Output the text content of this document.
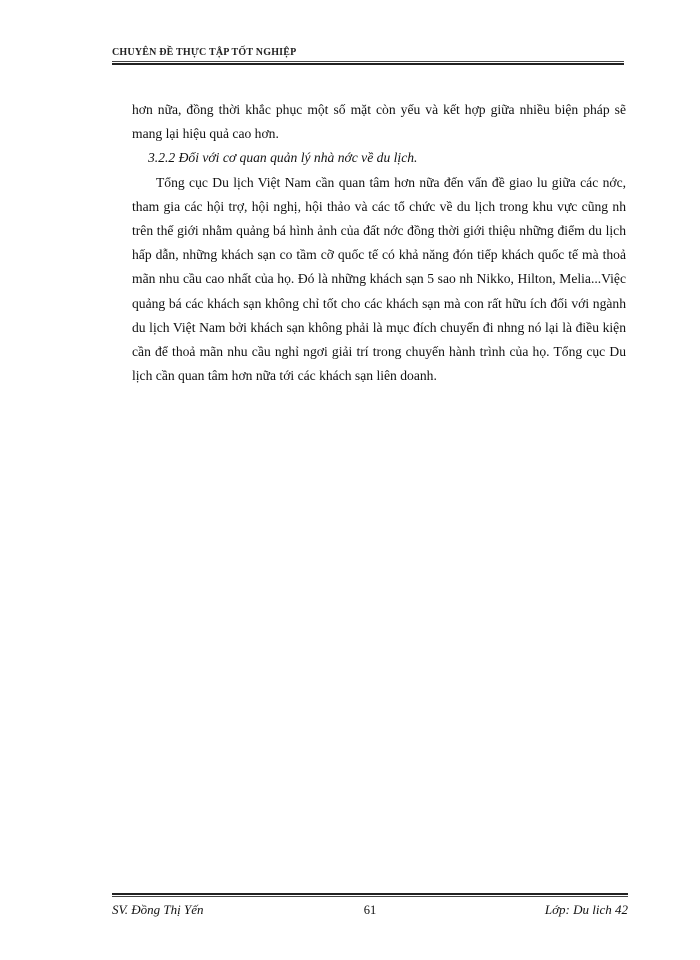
CHUYÊN ĐỀ THỰC TẬP TỐT NGHIỆP

hơn nữa, đồng thời khắc phục một số mặt còn yếu và kết hợp giữa nhiều biện pháp sẽ mang lại hiệu quả cao hơn.

3.2.2 Đối với cơ quan quản lý nhà nớc về du lịch.

Tổng cục Du lịch Việt Nam cần quan tâm hơn nữa đến vấn đề giao lu giữa các nớc, tham gia các hội trợ, hội nghị, hội thảo và các tổ chức về du lịch trong khu vực cũng nh trên thế giới nhằm quảng bá hình ảnh của đất nớc đồng thời giới thiệu những điểm du lịch hấp dẫn, những khách sạn co tầm cỡ quốc tế có khả năng đón tiếp khách quốc tế mà thoả mãn nhu cầu cao nhất của họ. Đó là những khách sạn 5 sao nh Nikko, Hilton, Melia...Việc quảng bá các khách sạn không chỉ tốt cho các khách sạn mà con rất hữu ích đối với ngành du lịch Việt Nam bởi khách sạn không phải là mục đích chuyến đi nhng nó lại là điều kiện cần để thoả mãn nhu cầu nghỉ ngơi giải trí trong chuyến hành trình của họ. Tổng cục Du lịch cần quan tâm hơn nữa tới các khách sạn liên doanh.

61
SV. Đồng Thị Yến	Lớp: Du lich 42
